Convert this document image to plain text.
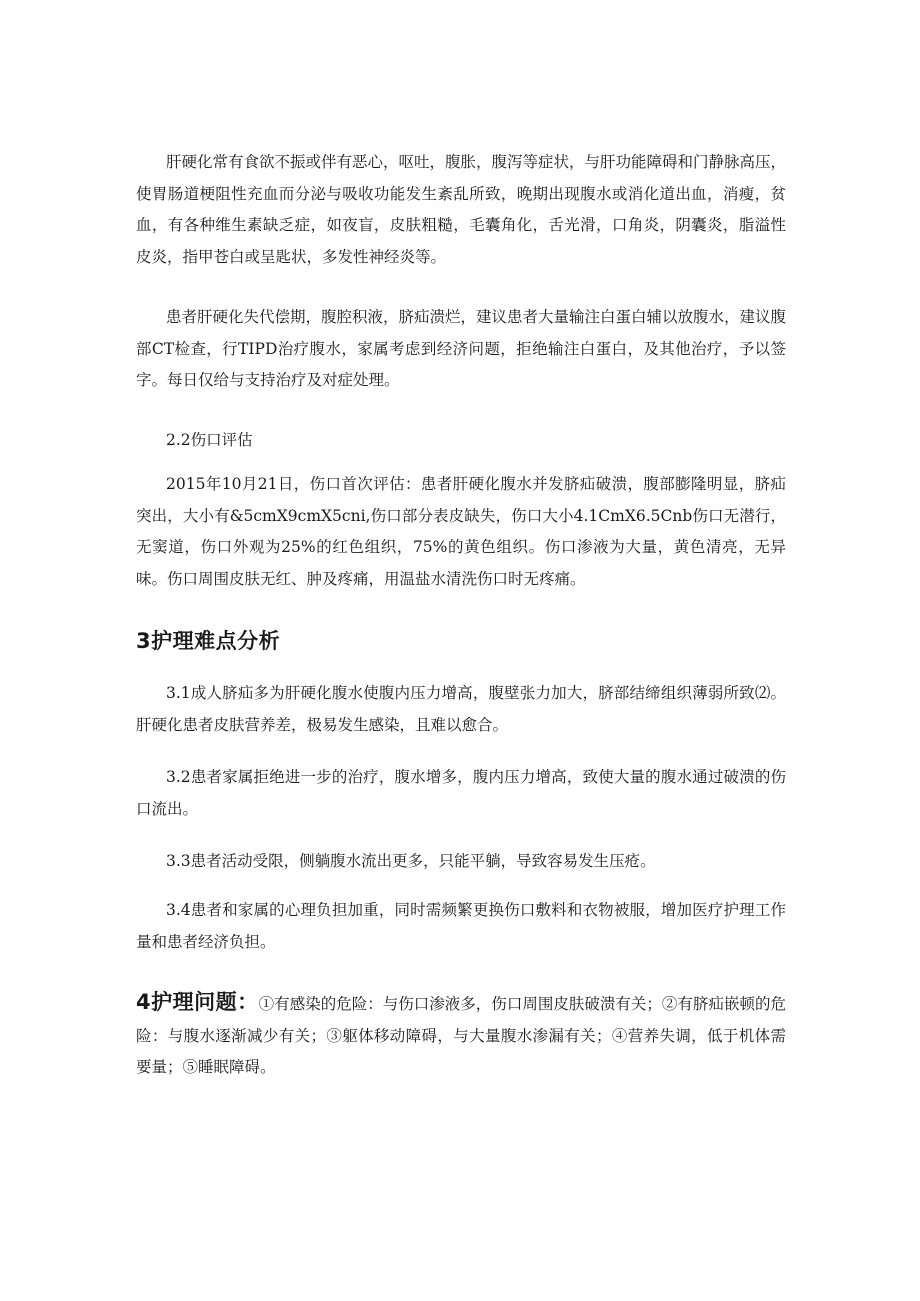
肝硬化常有食欲不振或伴有恶心，呕吐，腹胀，腹泻等症状，与肝功能障碍和门静脉高压，使胃肠道梗阻性充血而分泌与吸收功能发生紊乱所致，晚期出现腹水或消化道出血，消瘦，贫血，有各种维生素缺乏症，如夜盲，皮肤粗糙，毛囊角化，舌光滑，口角炎，阴囊炎，脂溢性皮炎，指甲苍白或呈匙状，多发性神经炎等。

患者肝硬化失代偿期，腹腔积液，脐疝溃烂，建议患者大量输注白蛋白辅以放腹水，建议腹部CT检查，行TIPD治疗腹水，家属考虑到经济问题，拒绝输注白蛋白，及其他治疗，予以签字。每日仅给与支持治疗及对症处理。

2.2伤口评估

2015年10月21日，伤口首次评估：患者肝硬化腹水并发脐疝破溃，腹部膨隆明显，脐疝突出，大小有&5cmX9cmX5cni,伤口部分表皮缺失，伤口大小4.1CmX6.5Cnb伤口无潜行，无窦道，伤口外观为25%的红色组织，75%的黄色组织。伤口渗液为大量，黄色清亮，无异味。伤口周围皮肤无红、肿及疼痛，用温盐水清洗伤口时无疼痛。

3护理难点分析

3.1成人脐疝多为肝硬化腹水使腹内压力增高，腹壁张力加大，脐部结缔组织薄弱所致⑵。肝硬化患者皮肤营养差，极易发生感染，且难以愈合。

3.2患者家属拒绝进一步的治疗，腹水增多，腹内压力增高，致使大量的腹水通过破溃的伤口流出。

3.3患者活动受限，侧躺腹水流出更多，只能平躺，导致容易发生压疮。

3.4患者和家属的心理负担加重，同时需频繁更换伤口敷料和衣物被服，增加医疗护理工作量和患者经济负担。

4护理问题：①有感染的危险：与伤口渗液多，伤口周围皮肤破溃有关；②有脐疝嵌顿的危险：与腹水逐渐减少有关；③躯体移动障碍，与大量腹水渗漏有关；④营养失调，低于机体需要量；⑤睡眠障碍。
